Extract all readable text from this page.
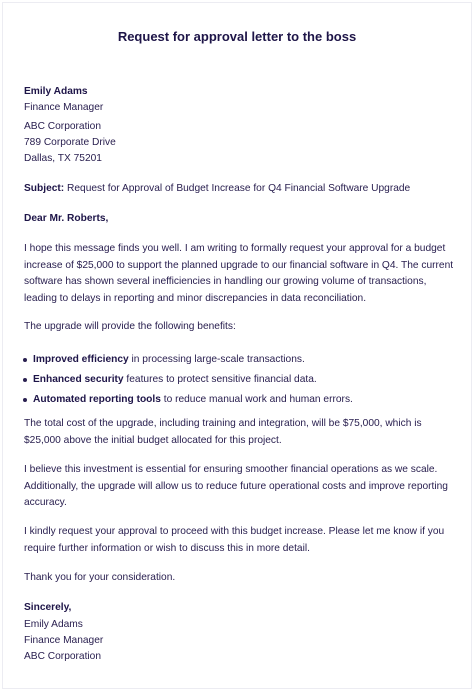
Request for approval letter to the boss
Emily Adams
Finance Manager
ABC Corporation
789 Corporate Drive
Dallas, TX 75201
Subject: Request for Approval of Budget Increase for Q4 Financial Software Upgrade
Dear Mr. Roberts,
I hope this message finds you well. I am writing to formally request your approval for a budget
increase of $25,000 to support the planned upgrade to our financial software in Q4. The current
software has shown several inefficiencies in handling our growing volume of transactions,
leading to delays in reporting and minor discrepancies in data reconciliation.
The upgrade will provide the following benefits:
Improved efficiency in processing large-scale transactions.
Enhanced security features to protect sensitive financial data.
Automated reporting tools to reduce manual work and human errors.
The total cost of the upgrade, including training and integration, will be $75,000, which is
$25,000 above the initial budget allocated for this project.
I believe this investment is essential for ensuring smoother financial operations as we scale.
Additionally, the upgrade will allow us to reduce future operational costs and improve reporting
accuracy.
I kindly request your approval to proceed with this budget increase. Please let me know if you
require further information or wish to discuss this in more detail.
Thank you for your consideration.
Sincerely,
Emily Adams
Finance Manager
ABC Corporation
